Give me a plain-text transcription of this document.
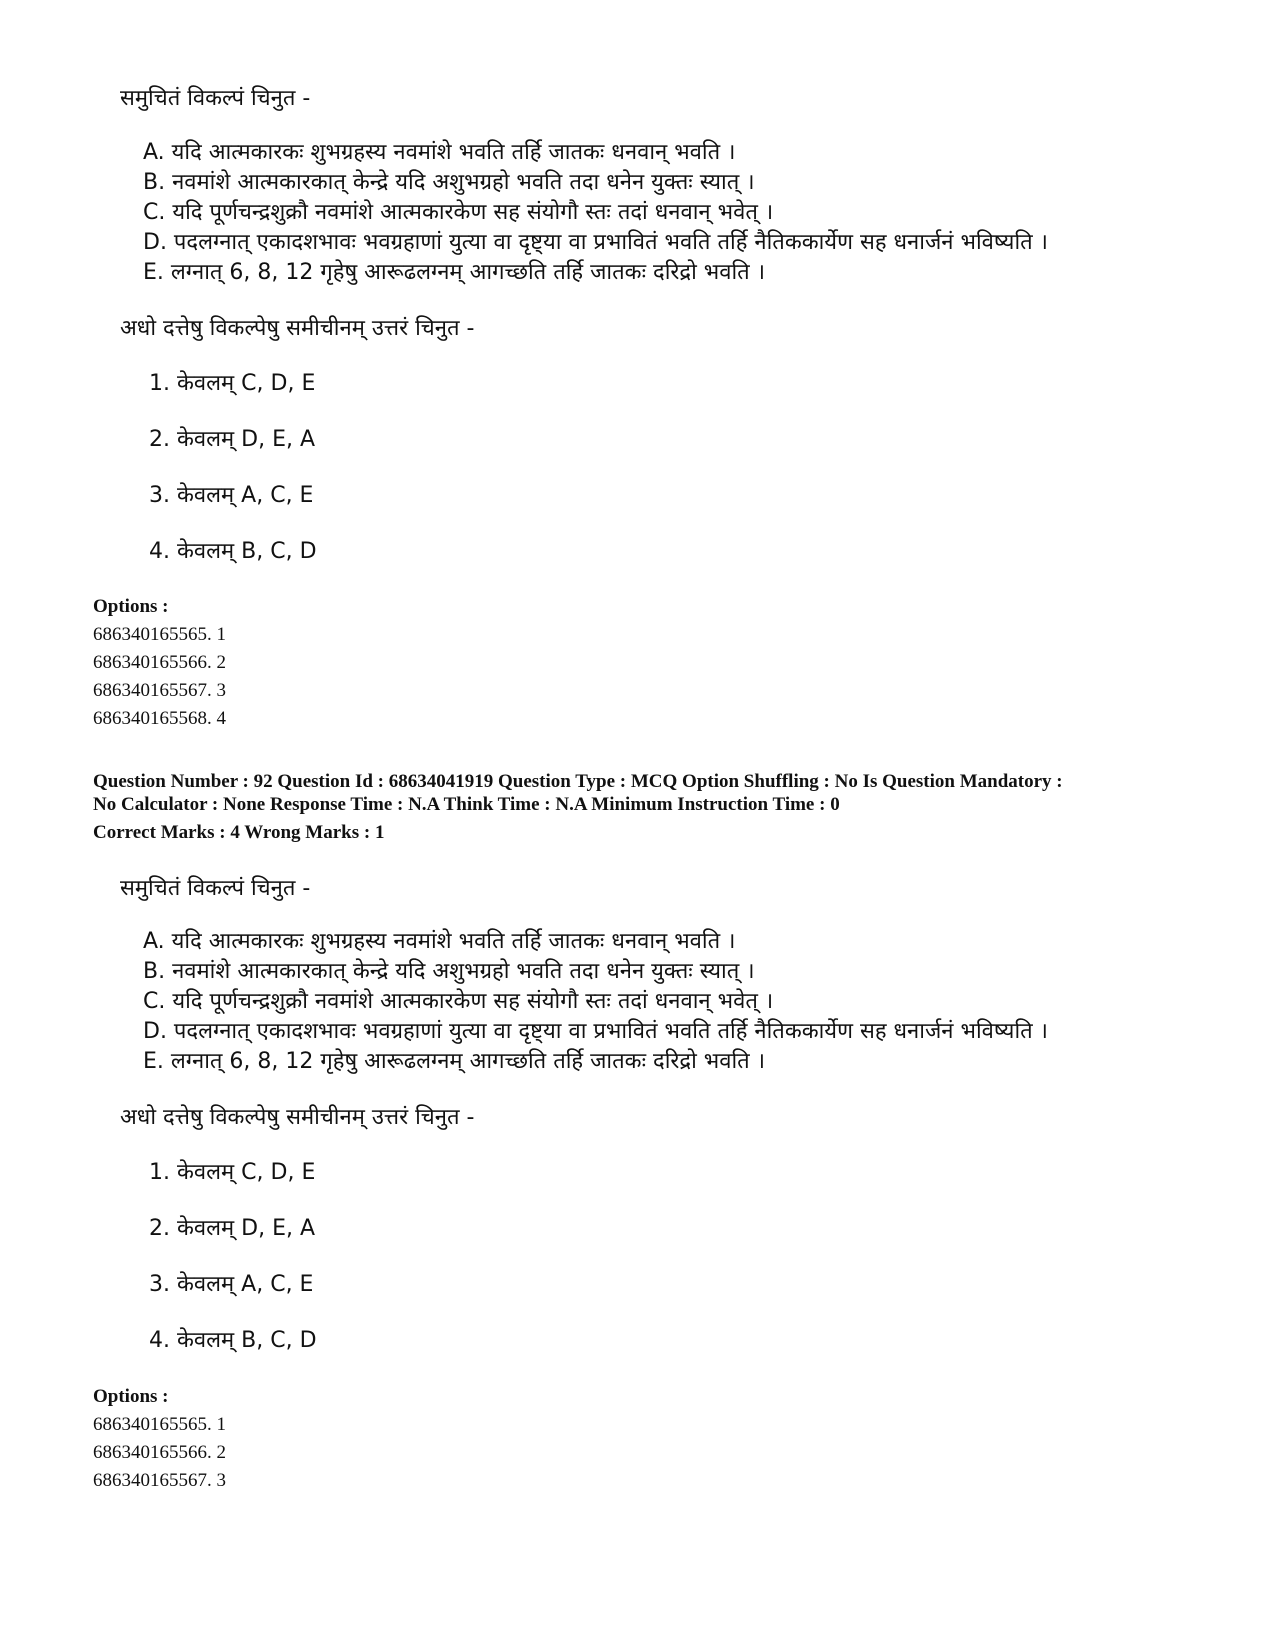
समुचितं विकल्पं चिनुत -
A. यदि आत्मकारकः शुभग्रहस्य नवमांशे भवति तर्हि जातकः धनवान् भवति ।
B. नवमांशे आत्मकारकात् केन्द्रे यदि अशुभग्रहो भवति तदा धनेन युक्तः स्यात् ।
C. यदि पूर्णचन्द्रशुक्रौ नवमांशे आत्मकारकेण सह संयोगौ स्तः तदां धनवान् भवेत् ।
D. पदलग्नात् एकादशभावः भवग्रहाणां युत्या वा दृष्ट्या वा प्रभावितं भवति तर्हि नैतिककार्येण सह धनार्जनं भविष्यति ।
E. लग्नात् 6, 8, 12 गृहेषु आरूढलग्नम् आगच्छति तर्हि जातकः दरिद्रो भवति ।
अधो दत्तेषु विकल्पेषु समीचीनम् उत्तरं चिनुत -
1. केवलम् C, D, E
2. केवलम् D, E, A
3. केवलम् A, C, E
4. केवलम् B, C, D
Options :
686340165565. 1
686340165566. 2
686340165567. 3
686340165568. 4
Question Number : 92 Question Id : 68634041919 Question Type : MCQ Option Shuffling : No Is Question Mandatory :
No Calculator : None Response Time : N.A Think Time : N.A Minimum Instruction Time : 0
Correct Marks : 4 Wrong Marks : 1
समुचितं विकल्पं चिनुत -
A. यदि आत्मकारकः शुभग्रहस्य नवमांशे भवति तर्हि जातकः धनवान् भवति ।
B. नवमांशे आत्मकारकात् केन्द्रे यदि अशुभग्रहो भवति तदा धनेन युक्तः स्यात् ।
C. यदि पूर्णचन्द्रशुक्रौ नवमांशे आत्मकारकेण सह संयोगौ स्तः तदां धनवान् भवेत् ।
D. पदलग्नात् एकादशभावः भवग्रहाणां युत्या वा दृष्ट्या वा प्रभावितं भवति तर्हि नैतिककार्येण सह धनार्जनं भविष्यति ।
E. लग्नात् 6, 8, 12 गृहेषु आरूढलग्नम् आगच्छति तर्हि जातकः दरिद्रो भवति ।
अधो दत्तेषु विकल्पेषु समीचीनम् उत्तरं चिनुत -
1. केवलम् C, D, E
2. केवलम् D, E, A
3. केवलम् A, C, E
4. केवलम् B, C, D
Options :
686340165565. 1
686340165566. 2
686340165567. 3
